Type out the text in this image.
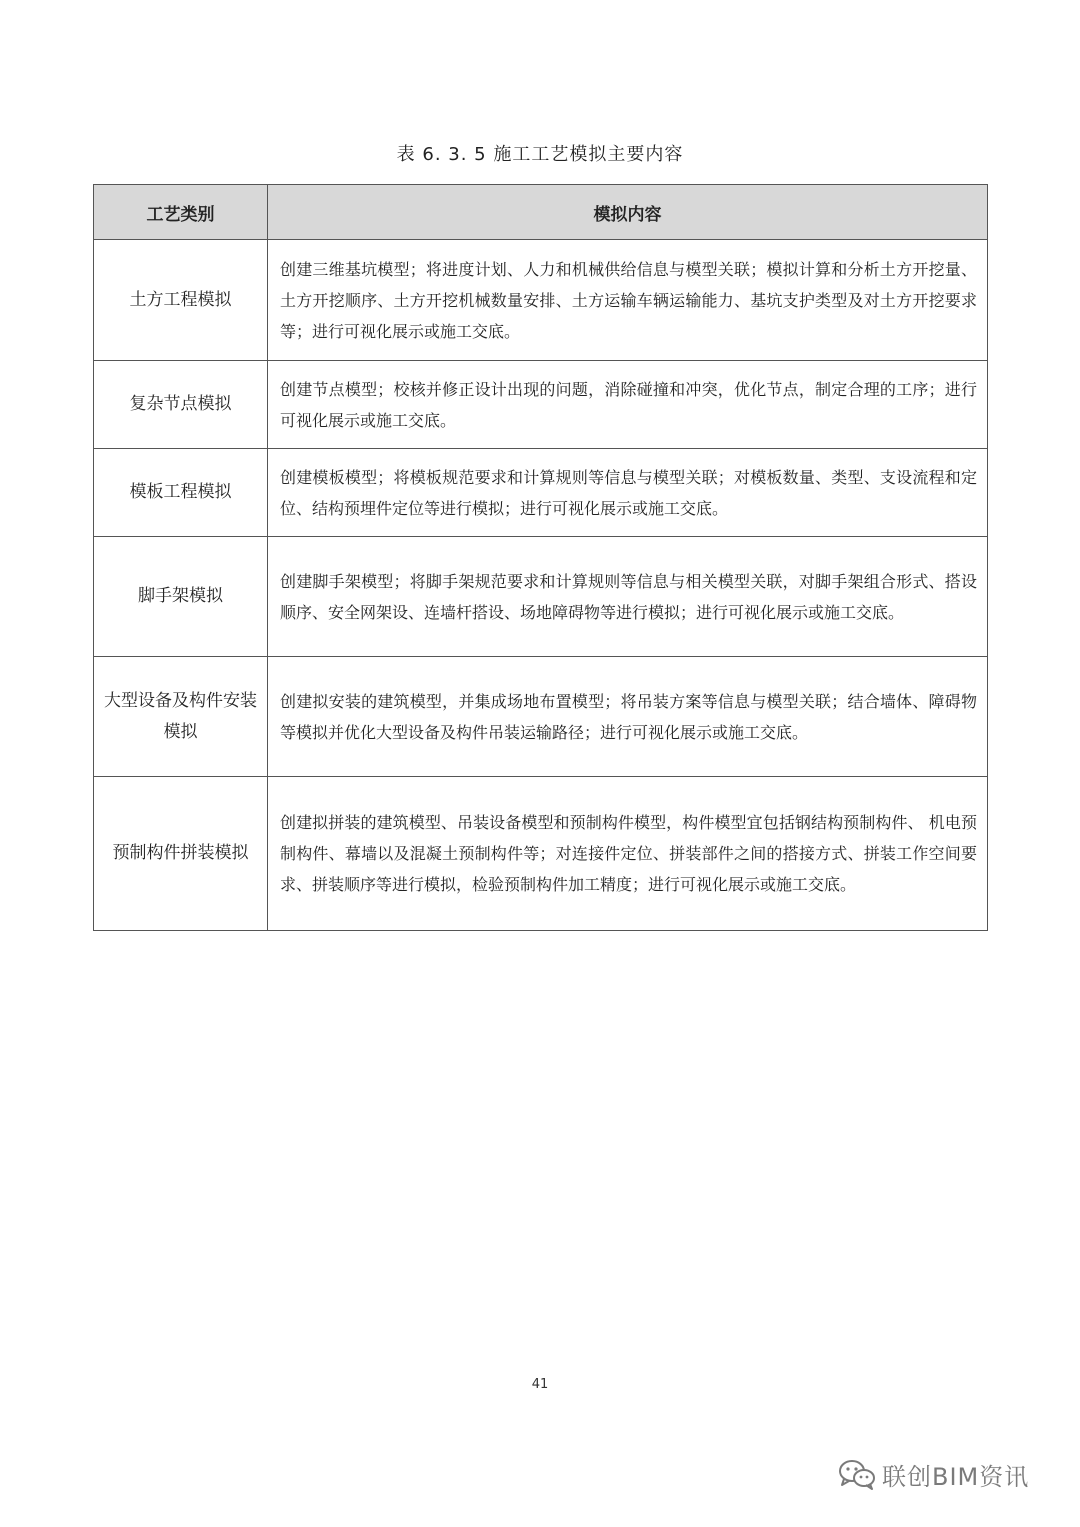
表 6. 3. 5 施工工艺模拟主要内容
工艺类别	模拟内容
土方工程模拟	创建三维基坑模型；将进度计划、人力和机械供给信息与模型关联；模拟计算和分析土方开挖量、土方开挖顺序、土方开挖机械数量安排、土方运输车辆运输能力、基坑支护类型及对土方开挖要求等；进行可视化展示或施工交底。
复杂节点模拟	创建节点模型；校核并修正设计出现的问题，消除碰撞和冲突，优化节点，制定合理的工序；进行可视化展示或施工交底。
模板工程模拟	创建模板模型；将模板规范要求和计算规则等信息与模型关联；对模板数量、类型、支设流程和定位、结构预埋件定位等进行模拟；进行可视化展示或施工交底。
脚手架模拟	创建脚手架模型；将脚手架规范要求和计算规则等信息与相关模型关联，对脚手架组合形式、搭设顺序、安全网架设、连墙杆搭设、场地障碍物等进行模拟；进行可视化展示或施工交底。
大型设备及构件安装模拟	创建拟安装的建筑模型，并集成场地布置模型；将吊装方案等信息与模型关联；结合墙体、障碍物等模拟并优化大型设备及构件吊装运输路径；进行可视化展示或施工交底。
预制构件拼装模拟	创建拟拼装的建筑模型、吊装设备模型和预制构件模型，构件模型宜包括钢结构预制构件、 机电预制构件、幕墙以及混凝土预制构件等；对连接件定位、拼装部件之间的搭接方式、拼装工作空间要求、拼装顺序等进行模拟，检验预制构件加工精度；进行可视化展示或施工交底。
41
联创BIM资讯
